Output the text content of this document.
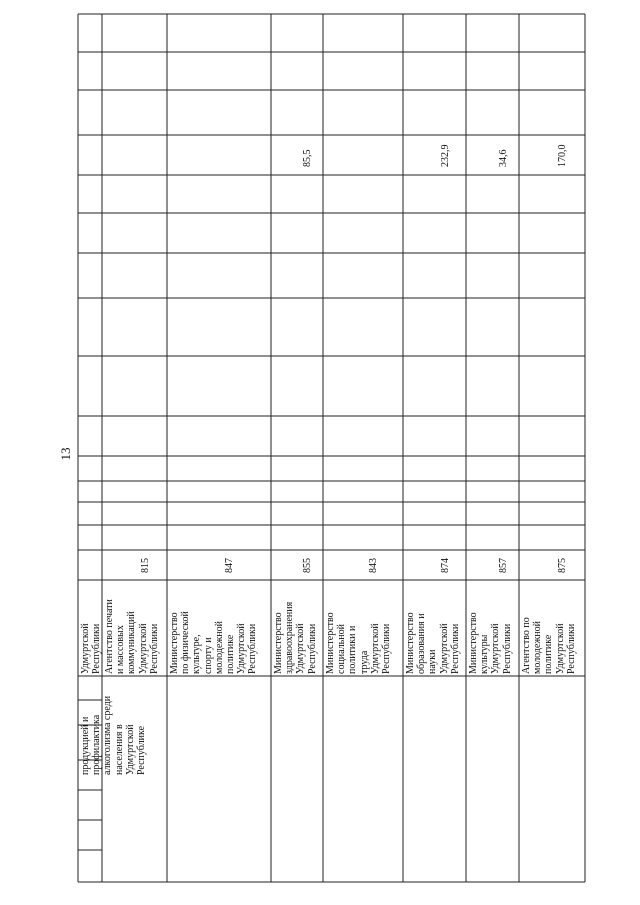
13
продукцией и
профилактика
алкоголизма среди
населения в
Удмуртской
Республике
Удмуртской
Республики Агентство печати
и массовых
коммуникаций
Удмуртской
Республики
815
Министерство
по физической
культуре,
спорту и
молодежной
политике
Удмуртской
Республики
847
Министерство
здравоохранения
Удмуртской
Республики
855
85,5
Министерство
социальной
политики и
труда
Удмуртской
Республики
843
Министерство
образования и
науки
Удмуртской
Республики
874
232,9
Министерство
культуры
Удмуртской
Республики
857
34,6
Агентство по
молодежной
политике
Удмуртской
Республики
875
170,0
